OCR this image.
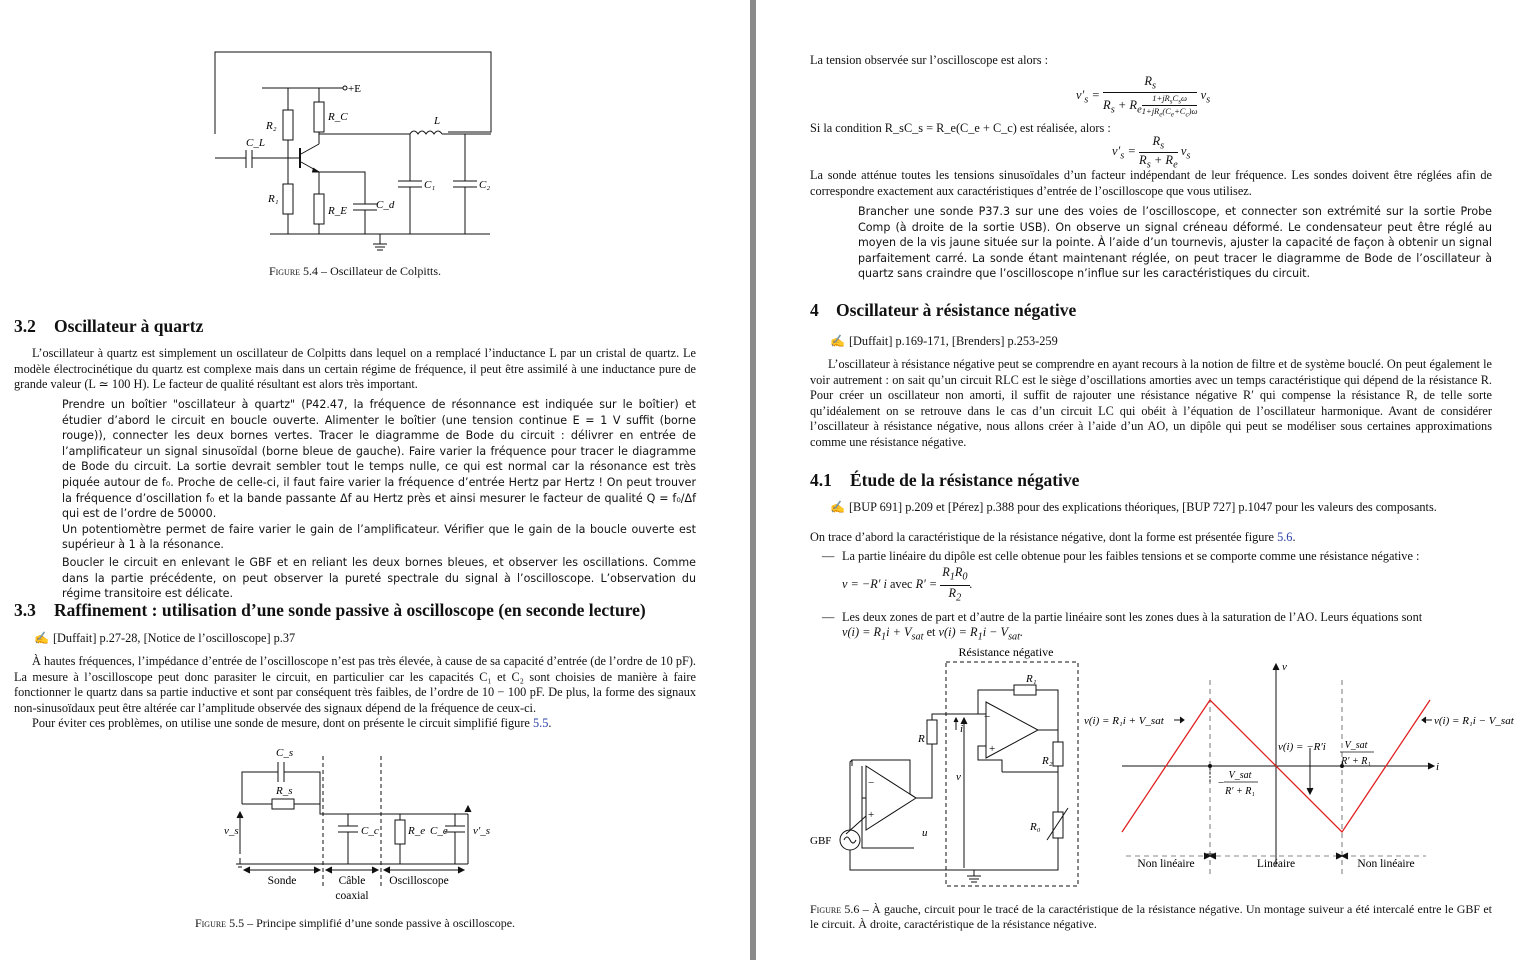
+E
R₂
R_C
C_L
L
R₁
R_E	C_d
C₁	C₂
Figure 5.4 – Oscillateur de Colpitts.
3.2 Oscillateur à quartz

L’oscillateur à quartz est simplement un oscillateur de Colpitts dans lequel on a remplacé l’inductance L par un cristal de quartz. Le modèle électrocinétique du quartz est complexe mais dans un certain régime de fréquence, il peut être assimilé à une inductance pure de grande valeur (L ≃ 100 H). Le facteur de qualité résultant est alors très important.

Prendre un boîtier "oscillateur à quartz" (P42.47, la fréquence de résonnance est indiquée sur le boîtier) et étudier d’abord le circuit en boucle ouverte. Alimenter le boîtier (une tension continue E = 1 V suffit (borne rouge)), connecter les deux bornes vertes. Tracer le diagramme de Bode du circuit : délivrer en entrée de l’amplificateur un signal sinusoïdal (borne bleue de gauche). Faire varier la fréquence pour tracer le diagramme de Bode du circuit. La sortie devrait sembler tout le temps nulle, ce qui est normal car la résonance est très piquée autour de f₀. Proche de celle-ci, il faut faire varier la fréquence d’entrée Hertz par Hertz ! On peut trouver la fréquence d’oscillation f₀ et la bande passante Δf au Hertz près et ainsi mesurer le facteur de qualité Q = f₀/Δf qui est de l’ordre de 50000.

Un potentiomètre permet de faire varier le gain de l’amplificateur. Vérifier que le gain de la boucle ouverte est supérieur à 1 à la résonance.

Boucler le circuit en enlevant le GBF et en reliant les deux bornes bleues, et observer les oscillations. Comme dans la partie précédente, on peut observer la pureté spectrale du signal à l’oscilloscope. L’observation du régime transitoire est délicate.

3.3 Raffinement : utilisation d’une sonde passive à oscilloscope (en seconde lecture)
✍ [Duffait] p.27-28, [Notice de l’oscilloscope] p.37

À hautes fréquences, l’impédance d’entrée de l’oscilloscope n’est pas très élevée, à cause de sa capacité d’entrée (de l’ordre de 10 pF). La mesure à l’oscilloscope peut donc parasiter le circuit, en particulier car les capacités C₁ et C₂ sont choisies de manière à faire fonctionner le quartz dans sa partie inductive et sont par conséquent très faibles, de l’ordre de 10 − 100 pF. De plus, la forme des signaux non-sinusoïdaux peut être altérée car l’amplitude observée des signaux dépend de la fréquence de ceux-ci.

Pour éviter ces problèmes, on utilise une sonde de mesure, dont on présente le circuit simplifié figure 5.5.

C_s
R_s
v_s	C_c	R_e C_e v′_s
Sonde	Câble
coaxial
Oscilloscope
Figure 5.5 – Principe simplifié d’une sonde passive à oscilloscope.

La tension observée sur l’oscilloscope est alors :

$v'_s = \frac{R_s}{R_s + R_e \frac{1+jR_sC_s\omega}{1+jR_e(C_e+C_c)\omega}} v_s$

Si la condition R_sC_s = R_e(C_e + C_c) est réalisée, alors :

$v'_s = \frac{R_s}{R_s + R_e} v_s$

La sonde atténue toutes les tensions sinusoïdales d’un facteur indépendant de leur fréquence. Les sondes doivent être réglées afin de correspondre exactement aux caractéristiques d’entrée de l’oscilloscope que vous utilisez.

Brancher une sonde P37.3 sur une des voies de l’oscilloscope, et connecter son extrémité sur la sortie Probe Comp (à droite de la sortie USB). On observe un signal créneau déformé. Le condensateur peut être réglé au moyen de la vis jaune située sur la pointe. À l’aide d’un tournevis, ajuster la capacité de façon à obtenir un signal parfaitement carré. La sonde étant maintenant réglée, on peut tracer le diagramme de Bode de l’oscillateur à quartz sans craindre que l’oscilloscope n’influe sur les caractéristiques du circuit.

4 Oscillateur à résistance négative
✍ [Duffait] p.169-171, [Brenders] p.253-259

L’oscillateur à résistance négative peut se comprendre en ayant recours à la notion de filtre et de système bouclé. On peut également le voir autrement : on sait qu’un circuit RLC est le siège d’oscillations amorties avec un temps caractéristique qui dépend de la résistance R. Pour créer un oscillateur non amorti, il suffit de rajouter une résistance négative R′ qui compense la résistance R, de telle sorte qu’idéalement on se retrouve dans le cas d’un circuit LC qui obéit à l’équation de l’oscillateur harmonique. Avant de considérer l’oscillateur à résistance négative, nous allons créer à l’aide d’un AO, un dipôle qui peut se modéliser sous certaines approximations comme une résistance négative.

4.1 Étude de la résistance négative
✍ [BUP 691] p.209 et [Pérez] p.388 pour des explications théoriques, [BUP 727] p.1047 pour les valeurs des composants.

On trace d’abord la caractéristique de la résistance négative, dont la forme est présentée figure 5.6.

— La partie linéaire du dipôle est celle obtenue pour les faibles tensions et se comporte comme une résistance négative :
v = −R′ i avec $R' = \frac{R_1R_0}{R_2}$ .
— Les deux zones de part et d’autre de la partie linéaire sont les zones dues à la saturation de l’AO. Leurs équations sont
$v(i) = R_1i + V_{sat}$ et $v(i) = R_1i - V_{sat}$.
Résistance négative
R₁
R
i
−
+
−
+
R₂
v
u	R₀
GBF
v
i
v(i) = R₁i + V_sat	v(i) = R₁i − V_sat
v(i) = −R′i V_sat
R′ + R₁
−
V_sat
R′ + R₁
Non linéaire	Linéaire	Non linéaire
Figure 5.6 – À gauche, circuit pour le tracé de la caractéristique de la résistance négative. Un montage suiveur a été intercalé entre le GBF et le circuit. À droite, caractéristique de la résistance négative.
